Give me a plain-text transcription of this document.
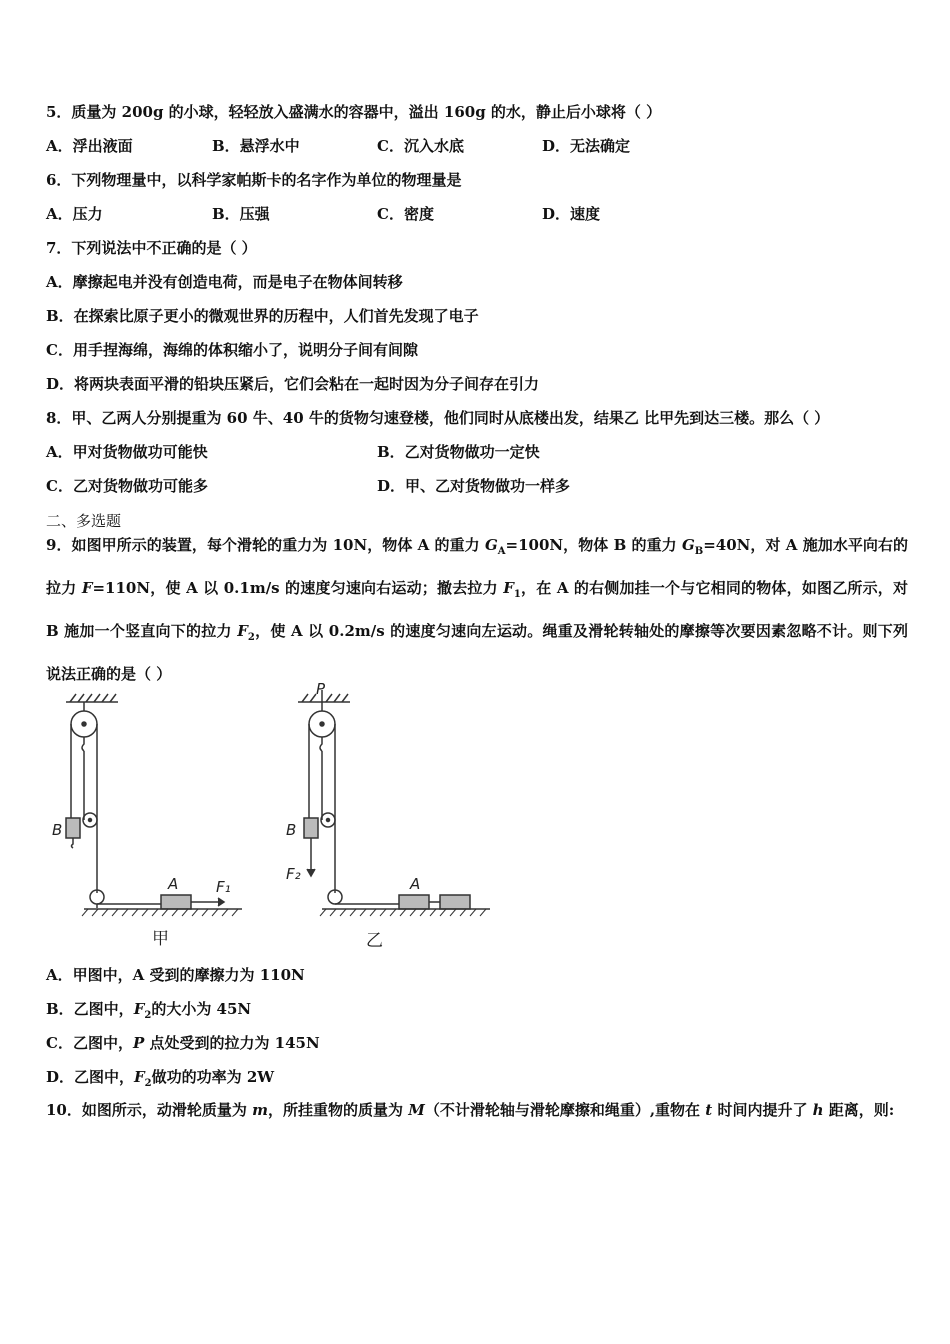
5．质量为 200g 的小球，轻轻放入盛满水的容器中，溢出 160g 的水，静止后小球将（ ）
A．浮出液面	B．悬浮水中	C．沉入水底	D．无法确定
6．下列物理量中，以科学家帕斯卡的名字作为单位的物理量是
A．压力	B．压强	C．密度	D．速度
7．下列说法中不正确的是（ ）
A．摩擦起电并没有创造电荷，而是电子在物体间转移
B．在探索比原子更小的微观世界的历程中，人们首先发现了电子
C．用手捏海绵，海绵的体积缩小了，说明分子间有间隙
D．将两块表面平滑的铅块压紧后，它们会粘在一起时因为分子间存在引力
8．甲、乙两人分别提重为 60 牛、40 牛的货物匀速登楼，他们同时从底楼出发，结果乙 比甲先到达三楼。那么（ ）
A．甲对货物做功可能快	B．乙对货物做功一定快
C．乙对货物做功可能多	D．甲、乙对货物做功一样多
二、多选题
9．如图甲所示的装置，每个滑轮的重力为 10N，物体 A 的重力 $G_A=100N$，物体 B 的重力 $G_B=40N$，对 A 施加水平向右的拉力 F=110N，使 A 以 0.1m/s 的速度匀速向右运动；撤去拉力 $F_1$，在 A 的右侧加挂一个与它相同的物体，如图乙所示，对 B 施加一个竖直向下的拉力 $F_2$，使 A 以 0.2m/s 的速度匀速向左运动。绳重及滑轮转轴处的摩擦等次要因素忽略不计。则下列说法正确的是（ ）
B
A	F₁
P
B
F₂
A
甲	乙
A．甲图中，A 受到的摩擦力为 110N
B．乙图中，$F_2$的大小为 45N
C．乙图中，P 点处受到的拉力为 145N
D．乙图中，$F_2$做功的功率为 2W
10．如图所示，动滑轮质量为 m，所挂重物的质量为 M（不计滑轮轴与滑轮摩擦和绳重）,重物在 t 时间内提升了 h 距离，则:
